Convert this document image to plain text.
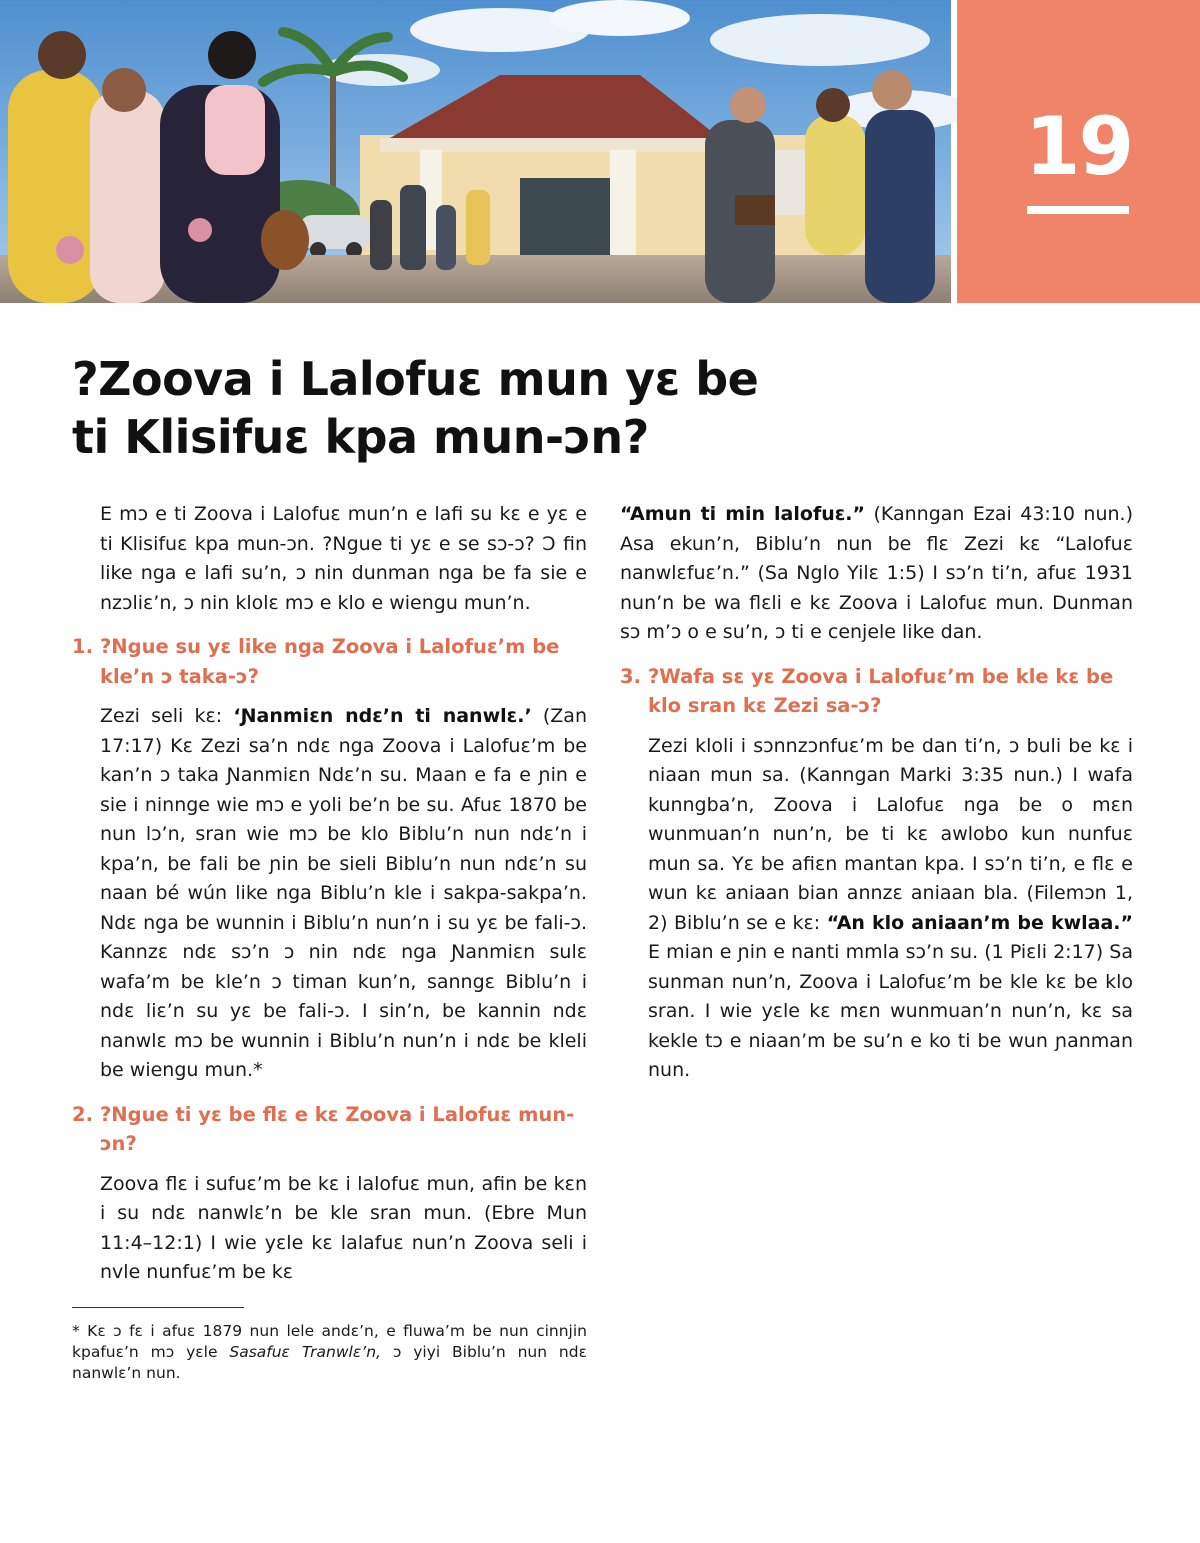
19
?Zoova i Lalofuɛ mun yɛ be
ti Klisifuɛ kpa mun-ɔn?

E mɔ e ti Zoova i Lalofuɛ mun’n e lafi su kɛ e yɛ e ti Klisifuɛ kpa mun-ɔn. ?Ngue ti yɛ e se sɔ-ɔ? Ɔ fin like nga e lafi su’n, ɔ nin dunman nga be fa sie e nzɔliɛ’n, ɔ nin klolɛ mɔ e klo e wiengu mun’n.

1. ?Ngue su yɛ like nga Zoova i Lalofuɛ’m be kle’n ɔ taka-ɔ?

Zezi seli kɛ: ‘Ɲanmiɛn ndɛ’n ti nanwlɛ.’ (Zan 17:17) Kɛ Zezi sa’n ndɛ nga Zoova i Lalofuɛ’m be kan’n ɔ taka Ɲanmiɛn Ndɛ’n su. Maan e fa e ɲin e sie i ninnge wie mɔ e yoli be’n be su. Afuɛ 1870 be nun lɔ’n, sran wie mɔ be klo Biblu’n nun ndɛ’n i kpa’n, be fali be ɲin be sieli Biblu’n nun ndɛ’n su naan bé wún like nga Biblu’n kle i sakpa-sakpa’n. Ndɛ nga be wunnin i Biblu’n nun’n i su yɛ be fali-ɔ. Kannzɛ ndɛ sɔ’n ɔ nin ndɛ nga Ɲanmiɛn sulɛ wafa’m be kle’n ɔ timan kun’n, sanngɛ Biblu’n i ndɛ liɛ’n su yɛ be fali-ɔ. I sin’n, be kannin ndɛ nanwlɛ mɔ be wunnin i Biblu’n nun’n i ndɛ be kleli be wiengu mun.*

2. ?Ngue ti yɛ be flɛ e kɛ Zoova i Lalofuɛ mun-ɔn?

Zoova flɛ i sufuɛ’m be kɛ i lalofuɛ mun, afin be kɛn i su ndɛ nanwlɛ’n be kle sran mun. (Ebre Mun 11:4–12:1) I wie yɛle kɛ lalafuɛ nun’n Zoova seli i nvle nunfuɛ’m be kɛ

“Amun ti min lalofuɛ.” (Kanngan Ezai 43:10 nun.) Asa ekun’n, Biblu’n nun be flɛ Zezi kɛ “Lalofuɛ nanwlɛfuɛ’n.” (Sa Nglo Yilɛ 1:5) I sɔ’n ti’n, afuɛ 1931 nun’n be wa flɛli e kɛ Zoova i Lalofuɛ mun. Dunman sɔ m’ɔ o e su’n, ɔ ti e cenjele like dan.

3. ?Wafa sɛ yɛ Zoova i Lalofuɛ’m be kle kɛ be klo sran kɛ Zezi sa-ɔ?

Zezi kloli i sɔnnzɔnfuɛ’m be dan ti’n, ɔ buli be kɛ i niaan mun sa. (Kanngan Marki 3:35 nun.) I wafa kunngba’n, Zoova i Lalofuɛ nga be o mɛn wunmuan’n nun’n, be ti kɛ awlobo kun nunfuɛ mun sa. Yɛ be afiɛn mantan kpa. I sɔ’n ti’n, e flɛ e wun kɛ aniaan bian annzɛ aniaan bla. (Filemɔn 1, 2) Biblu’n se e kɛ: “An klo aniaan’m be kwlaa.” E mian e ɲin e nanti mmla sɔ’n su. (1 Piɛli 2:17) Sa sunman nun’n, Zoova i Lalofuɛ’m be kle kɛ be klo sran. I wie yɛle kɛ mɛn wunmuan’n nun’n, kɛ sa kekle tɔ e niaan’m be su’n e ko ti be wun ɲanman nun.

* Kɛ ɔ fɛ i afuɛ 1879 nun lele andɛ’n, e fluwa’m be nun cinnjin kpafuɛ’n mɔ yɛle Sasafuɛ Tranwlɛ’n, ɔ yiyi Biblu’n nun ndɛ nanwlɛ’n nun.
